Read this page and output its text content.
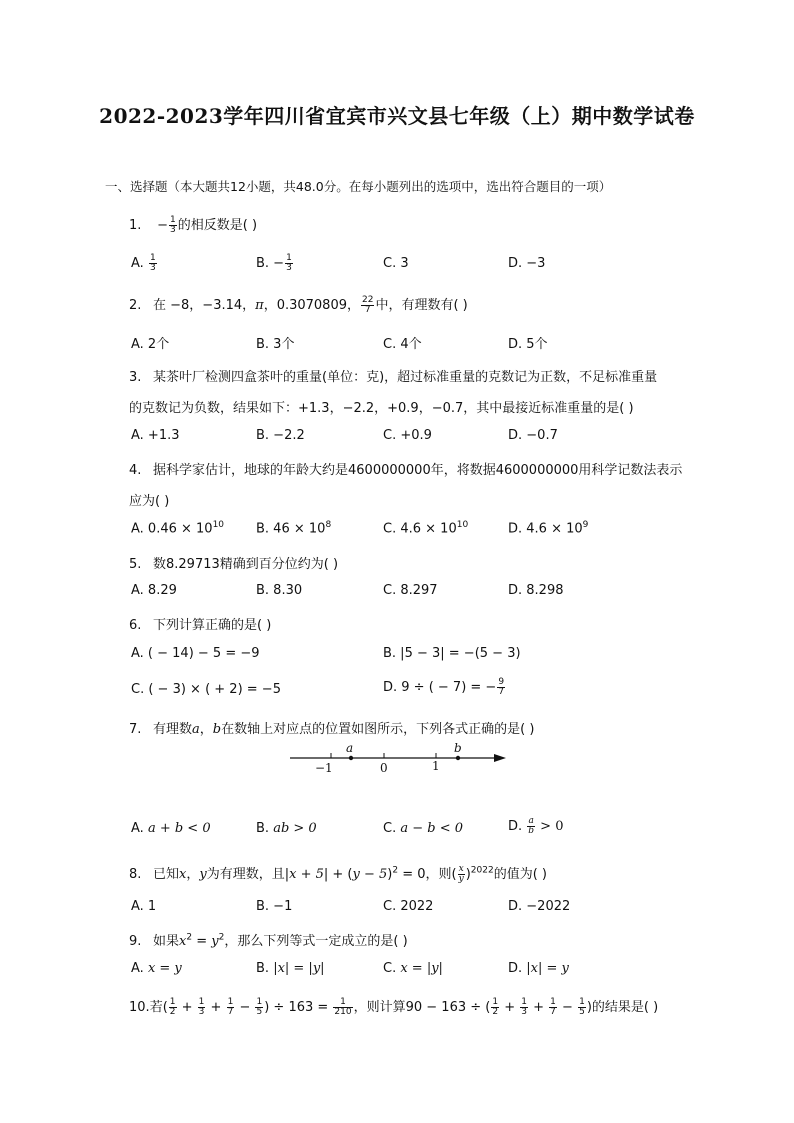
2022-2023学年四川省宜宾市兴文县七年级（上）期中数学试卷
一、选择题（本大题共12小题，共48.0分。在每小题列出的选项中，选出符合题目的一项）
1. − $\frac{1}{3}$ 的相反数是( )
A. $\frac{1}{3}$	B. − $\frac{1}{3}$	C. 3	D. −3
2. 在 −8，−3.14，π，0.3070809， $\frac{22}{7}$ 中，有理数有( )
A. 2个	B. 3个	C. 4个	D. 5个
3. 某茶叶厂检测四盒茶叶的重量(单位：克)，超过标准重量的克数记为正数，不足标准重量
的克数记为负数，结果如下：+1.3，−2.2，+0.9，−0.7，其中最接近标准重量的是( )
A. +1.3	B. −2.2	C. +0.9	D. −0.7
4. 据科学家估计，地球的年龄大约是4600000000年，将数据4600000000用科学记数法表示
应为( )
A. $0.46 \times 10^{10}$ B. $46 \times 10^8$	C. $4.6 \times 10^{10}$	D. $4.6 \times 10^9$
5. 数8.29713精确到百分位约为( )
A. 8.29	B. 8.30	C. 8.297	D. 8.298
6. 下列计算正确的是( )
A. ( − 14) − 5 = −9	B. |5 − 3| = −(5 − 3)
C. ( − 3) × ( + 2) = −5	D. 9 ÷ ( − 7) = − $\frac{9}{7}$
7. 有理数a，b在数轴上对应点的位置如图所示，下列各式正确的是( )
a	b
−1	0	1
A. a + b < 0	B. ab > 0	C. a − b < 0	D. $\frac{a}{b} > 0$
8. 已知x，y为有理数，且$|x + 5| + (y - 5)^2 = 0$，则( $\frac{x}{y} )^{2022}$的值为( )
A. 1	B. −1	C. 2022	D. −2022
9. 如果$x^2 = y^2$，那么下列等式一定成立的是( )
A. x = y	B. |x| = |y|	C. x = |y|	D. |x| = y
10.若( $\frac{1}{2} + \frac{1}{3} + \frac{1}{7} - \frac{1}{5}$ ) ÷ $163 = \frac{1}{210}$ ，则计算90 − 163 ÷ ( $\frac{1}{2} + \frac{1}{3} + \frac{1}{7} - \frac{1}{5}$ )的结果是( )
